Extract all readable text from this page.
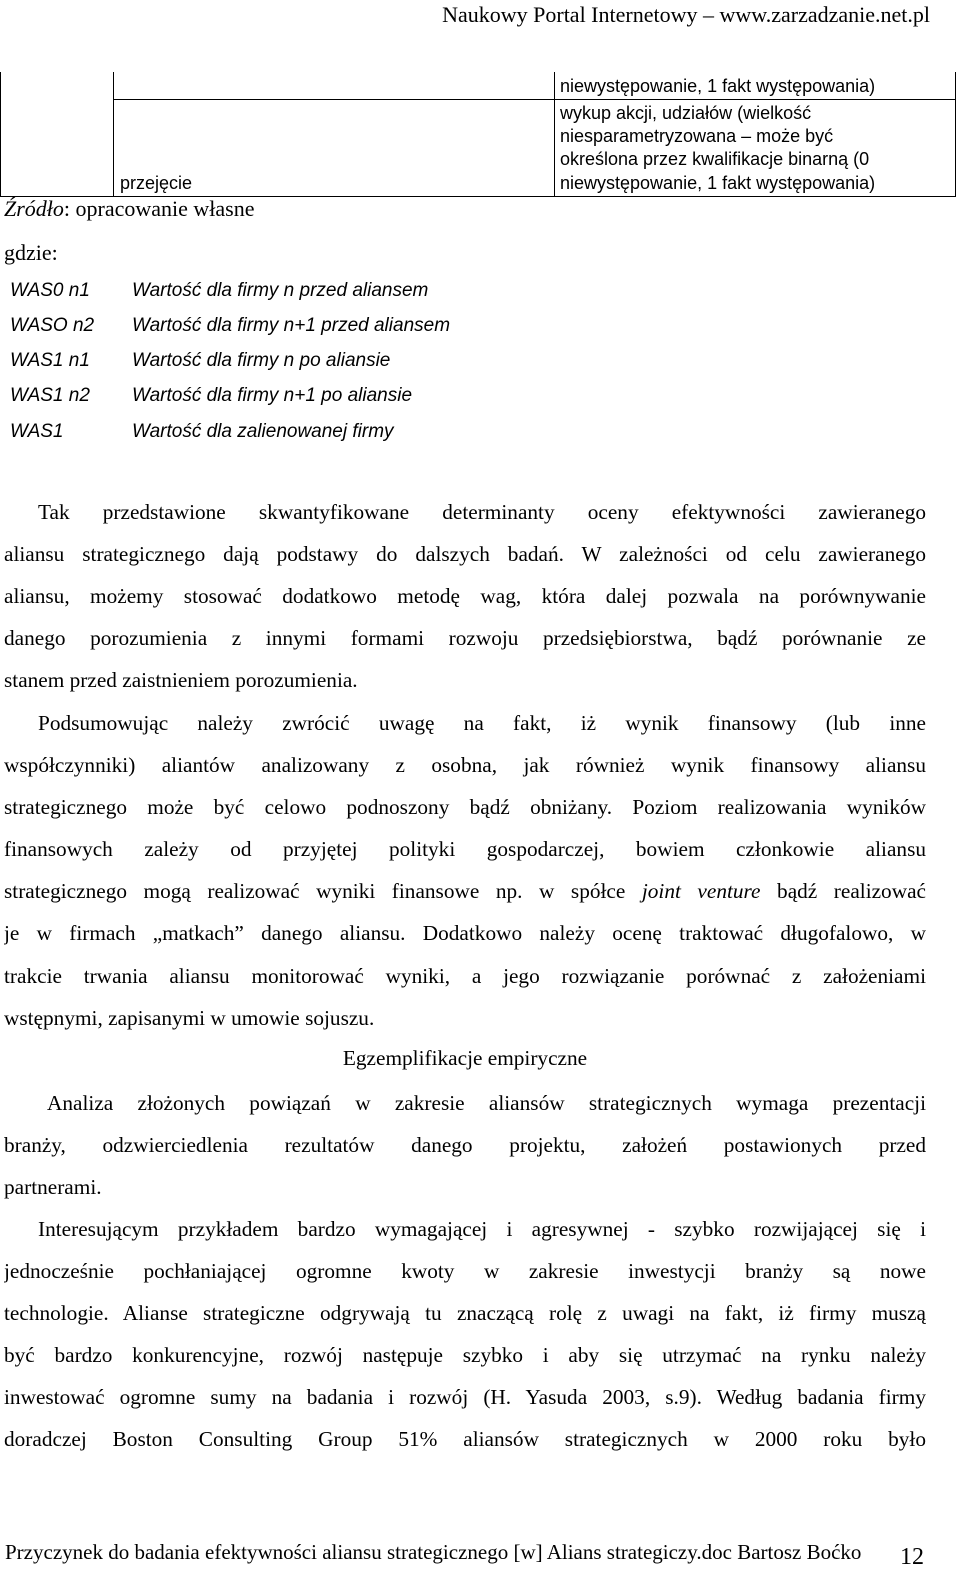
Naukowy Portal Internetowy – www.zarzadzanie.net.pl
niewystępowanie, 1 fakt występowania)
przejęcie
wykup akcji, udziałów (wielkość
niesparametryzowana – może być
określona przez kwalifikacje binarną (0
niewystępowanie, 1 fakt występowania)
Źródło: opracowanie własne
gdzie:
WAS0 n1 Wartość dla firmy n przed aliansem
WASO n2 Wartość dla firmy n+1 przed aliansem
WAS1 n1 Wartość dla firmy n po aliansie
WAS1 n2 Wartość dla firmy n+1 po aliansie
WAS1	Wartość dla zalienowanej firmy
Tak przedstawione skwantyfikowane determinanty oceny efektywności zawieranego
aliansu strategicznego dają podstawy do dalszych badań. W zależności od celu zawieranego
aliansu, możemy stosować dodatkowo metodę wag, która dalej pozwala na porównywanie
danego porozumienia z innymi formami rozwoju przedsiębiorstwa, bądź porównanie ze
stanem przed zaistnieniem porozumienia.
Podsumowując należy zwrócić uwagę na fakt, iż wynik finansowy (lub inne
współczynniki) aliantów analizowany z osobna, jak również wynik finansowy aliansu
strategicznego może być celowo podnoszony bądź obniżany. Poziom realizowania wyników
finansowych zależy od przyjętej polityki gospodarczej, bowiem członkowie aliansu
strategicznego mogą realizować wyniki finansowe np. w spółce joint venture bądź realizować
je w firmach „matkach” danego aliansu. Dodatkowo należy ocenę traktować długofalowo, w
trakcie trwania aliansu monitorować wyniki, a jego rozwiązanie porównać z założeniami
wstępnymi, zapisanymi w umowie sojuszu.
Egzemplifikacje empiryczne
Analiza złożonych powiązań w zakresie aliansów strategicznych wymaga prezentacji
branży, odzwierciedlenia rezultatów danego projektu, założeń postawionych przed
partnerami.
Interesującym przykładem bardzo wymagającej i agresywnej - szybko rozwijającej się i
jednocześnie pochłaniającej ogromne kwoty w zakresie inwestycji branży są nowe
technologie. Alianse strategiczne odgrywają tu znaczącą rolę z uwagi na fakt, iż firmy muszą
być bardzo konkurencyjne, rozwój następuje szybko i aby się utrzymać na rynku należy
inwestować ogromne sumy na badania i rozwój (H. Yasuda 2003, s.9). Według badania firmy
doradczej Boston Consulting Group 51% aliansów strategicznych w 2000 roku było
Przyczynek do badania efektywności aliansu strategicznego [w] Alians strategiczy.doc Bartosz Boćko 12
